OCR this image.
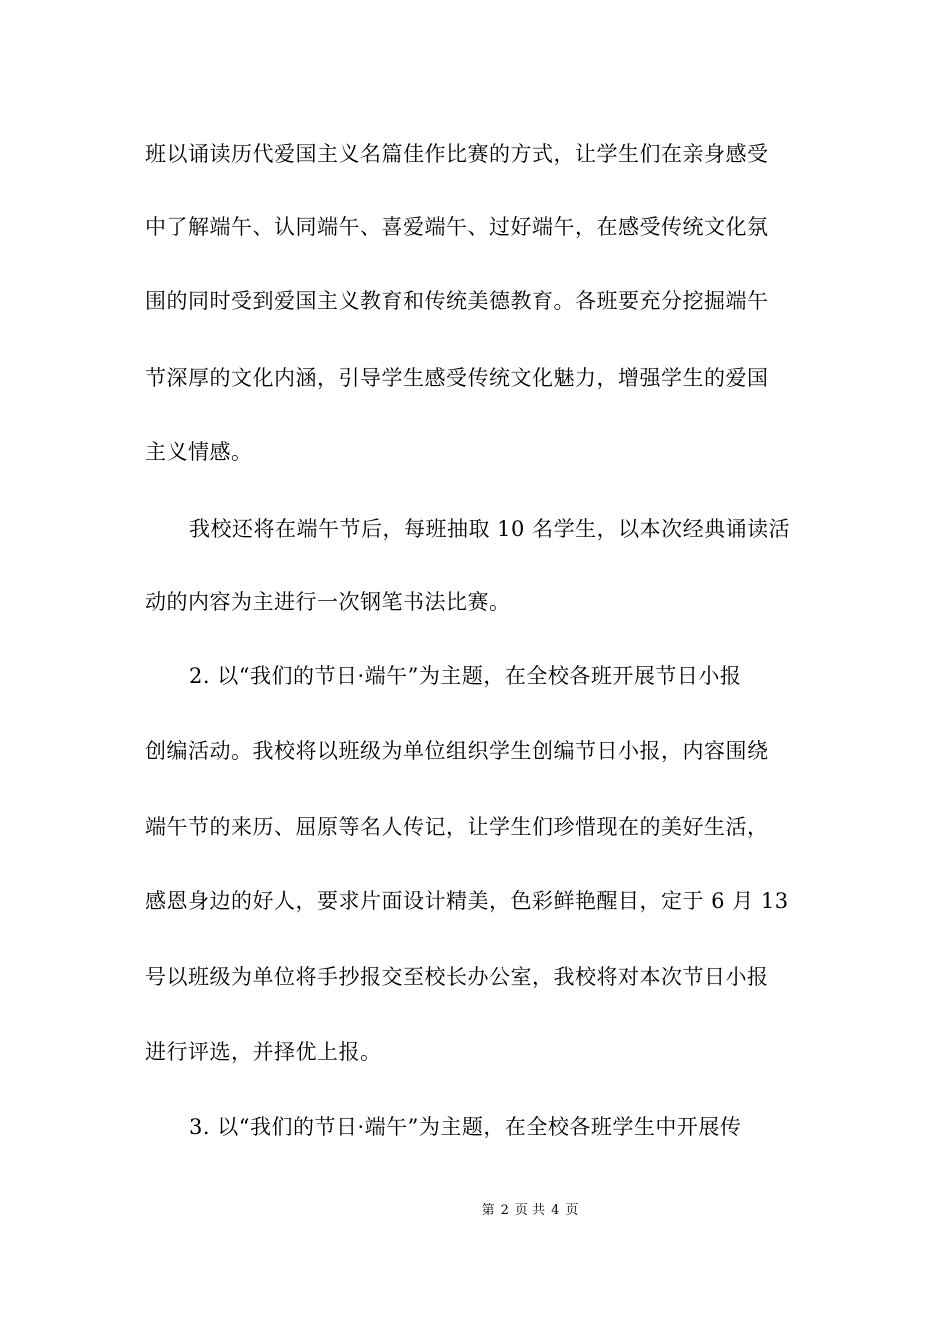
班以诵读历代爱国主义名篇佳作比赛的方式，让学生们在亲身感受
中了解端午、认同端午、喜爱端午、过好端午，在感受传统文化氛
围的同时受到爱国主义教育和传统美德教育。各班要充分挖掘端午
节深厚的文化内涵，引导学生感受传统文化魅力，增强学生的爱国
主义情感。
我校还将在端午节后，每班抽取 10 名学生，以本次经典诵读活
动的内容为主进行一次钢笔书法比赛。
2. 以“我们的节日·端午”为主题，在全校各班开展节日小报
创编活动。我校将以班级为单位组织学生创编节日小报，内容围绕
端午节的来历、屈原等名人传记，让学生们珍惜现在的美好生活，
感恩身边的好人，要求片面设计精美，色彩鲜艳醒目，定于 6 月 13
号以班级为单位将手抄报交至校长办公室，我校将对本次节日小报
进行评选，并择优上报。
3. 以“我们的节日·端午”为主题，在全校各班学生中开展传
第 2 页 共 4 页
